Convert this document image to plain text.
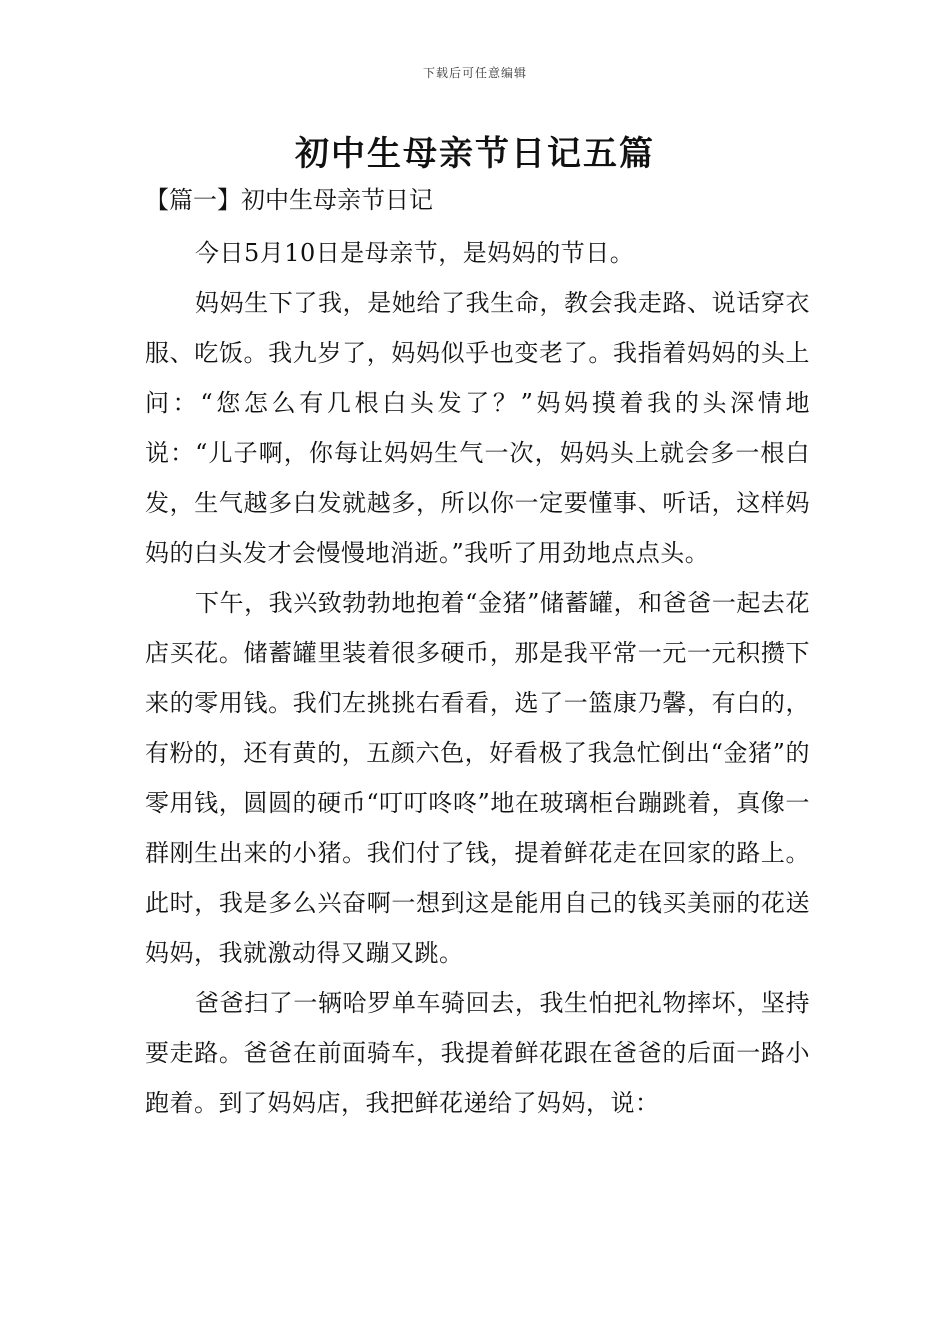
下载后可任意编辑
初中生母亲节日记五篇
【篇一】初中生母亲节日记

今日5月10日是母亲节，是妈妈的节日。

妈妈生下了我，是她给了我生命，教会我走路、说话穿衣服、吃饭。我九岁了，妈妈似乎也变老了。我指着妈妈的头上问：“您怎么有几根白头发了？”妈妈摸着我的头深情地说：“儿子啊，你每让妈妈生气一次，妈妈头上就会多一根白发，生气越多白发就越多，所以你一定要懂事、听话，这样妈妈的白头发才会慢慢地消逝。”我听了用劲地点点头。

下午，我兴致勃勃地抱着“金猪”储蓄罐，和爸爸一起去花店买花。储蓄罐里装着很多硬币，那是我平常一元一元积攒下来的零用钱。我们左挑挑右看看，选了一篮康乃馨，有白的，有粉的，还有黄的，五颜六色，好看极了我急忙倒出“金猪”的零用钱，圆圆的硬币“叮叮咚咚”地在玻璃柜台蹦跳着，真像一群刚生出来的小猪。我们付了钱，提着鲜花走在回家的路上。此时，我是多么兴奋啊一想到这是能用自己的钱买美丽的花送妈妈，我就激动得又蹦又跳。

爸爸扫了一辆哈罗单车骑回去，我生怕把礼物摔坏，坚持要走路。爸爸在前面骑车，我提着鲜花跟在爸爸的后面一路小跑着。到了妈妈店，我把鲜花递给了妈妈，说：
